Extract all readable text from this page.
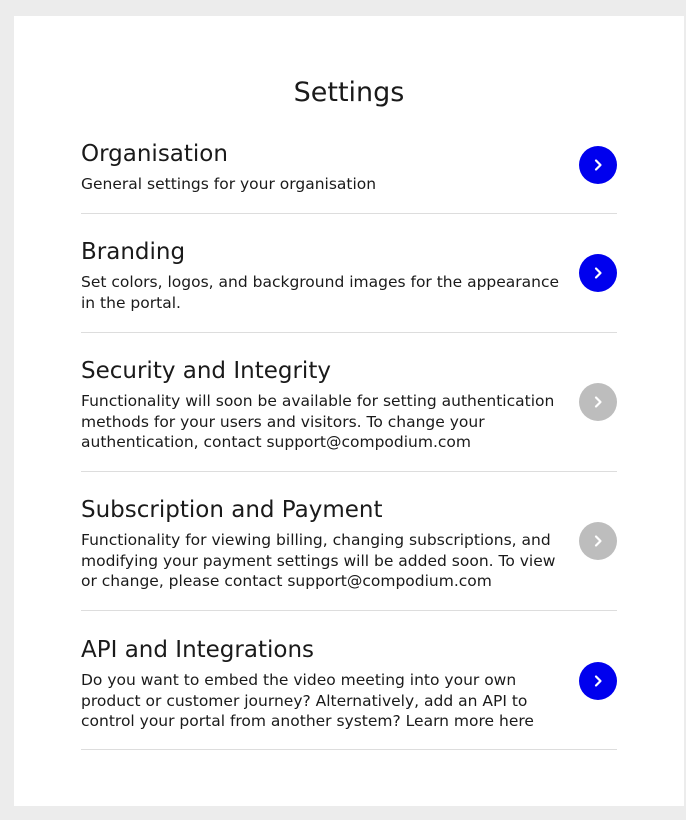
Settings
Organisation
General settings for your organisation
Branding
Set colors, logos, and background images for the appearance in the portal.
Security and Integrity
Functionality will soon be available for setting authentication methods for your users and visitors. To change your authentication, contact support@compodium.com
Subscription and Payment
Functionality for viewing billing, changing subscriptions, and modifying your payment settings will be added soon. To view or change, please contact support@compodium.com
API and Integrations
Do you want to embed the video meeting into your own product or customer journey? Alternatively, add an API to control your portal from another system? Learn more here
